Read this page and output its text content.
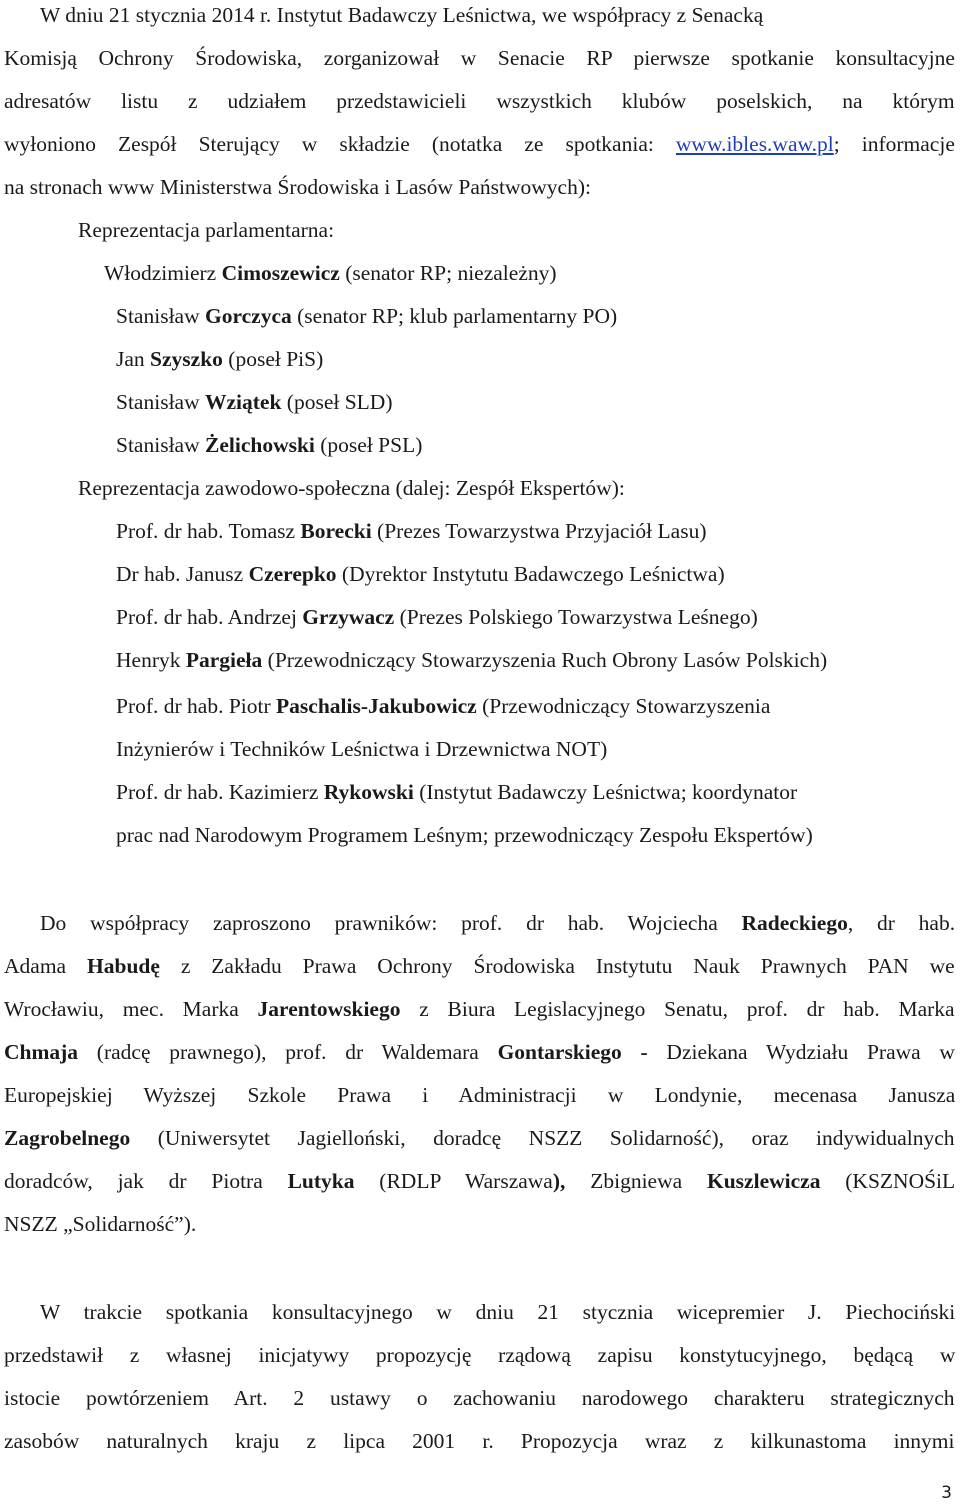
W dniu 21 stycznia 2014 r. Instytut Badawczy Leśnictwa, we współpracy z Senacką
Komisją Ochrony Środowiska, zorganizował w Senacie RP pierwsze spotkanie konsultacyjne
adresatów listu z udziałem przedstawicieli wszystkich klubów poselskich, na którym
wyłoniono Zespół Sterujący w składzie (notatka ze spotkania: www.ibles.waw.pl; informacje
na stronach www Ministerstwa Środowiska i Lasów Państwowych):
Reprezentacja parlamentarna:
Włodzimierz Cimoszewicz (senator RP; niezależny)
Stanisław Gorczyca (senator RP; klub parlamentarny PO)
Jan Szyszko (poseł PiS)
Stanisław Wziątek (poseł SLD)
Stanisław Żelichowski (poseł PSL)
Reprezentacja zawodowo-społeczna (dalej: Zespół Ekspertów):
Prof. dr hab. Tomasz Borecki (Prezes Towarzystwa Przyjaciół Lasu)
Dr hab. Janusz Czerepko (Dyrektor Instytutu Badawczego Leśnictwa)
Prof. dr hab. Andrzej Grzywacz (Prezes Polskiego Towarzystwa Leśnego)
Henryk Pargieła (Przewodniczący Stowarzyszenia Ruch Obrony Lasów Polskich)
Prof. dr hab. Piotr Paschalis-Jakubowicz (Przewodniczący Stowarzyszenia
Inżynierów i Techników Leśnictwa i Drzewnictwa NOT)
Prof. dr hab. Kazimierz Rykowski (Instytut Badawczy Leśnictwa; koordynator
prac nad Narodowym Programem Leśnym; przewodniczący Zespołu Ekspertów)
Do współpracy zaproszono prawników: prof. dr hab. Wojciecha Radeckiego, dr hab.
Adama Habudę z Zakładu Prawa Ochrony Środowiska Instytutu Nauk Prawnych PAN we
Wrocławiu, mec. Marka Jarentowskiego z Biura Legislacyjnego Senatu, prof. dr hab. Marka
Chmaja (radcę prawnego), prof. dr Waldemara Gontarskiego - Dziekana Wydziału Prawa w
Europejskiej Wyższej Szkole Prawa i Administracji w Londynie, mecenasa Janusza
Zagrobelnego (Uniwersytet Jagielloński, doradcę NSZZ Solidarność), oraz indywidualnych
doradców, jak dr Piotra Lutyka (RDLP Warszawa), Zbigniewa Kuszlewicza (KSZNOŚiL
NSZZ „Solidarność”).
W trakcie spotkania konsultacyjnego w dniu 21 stycznia wicepremier J. Piechociński
przedstawił z własnej inicjatywy propozycję rządową zapisu konstytucyjnego, będącą w
istocie powtórzeniem Art. 2 ustawy o zachowaniu narodowego charakteru strategicznych
zasobów naturalnych kraju z lipca 2001 r. Propozycja wraz z kilkunastoma innymi
3
